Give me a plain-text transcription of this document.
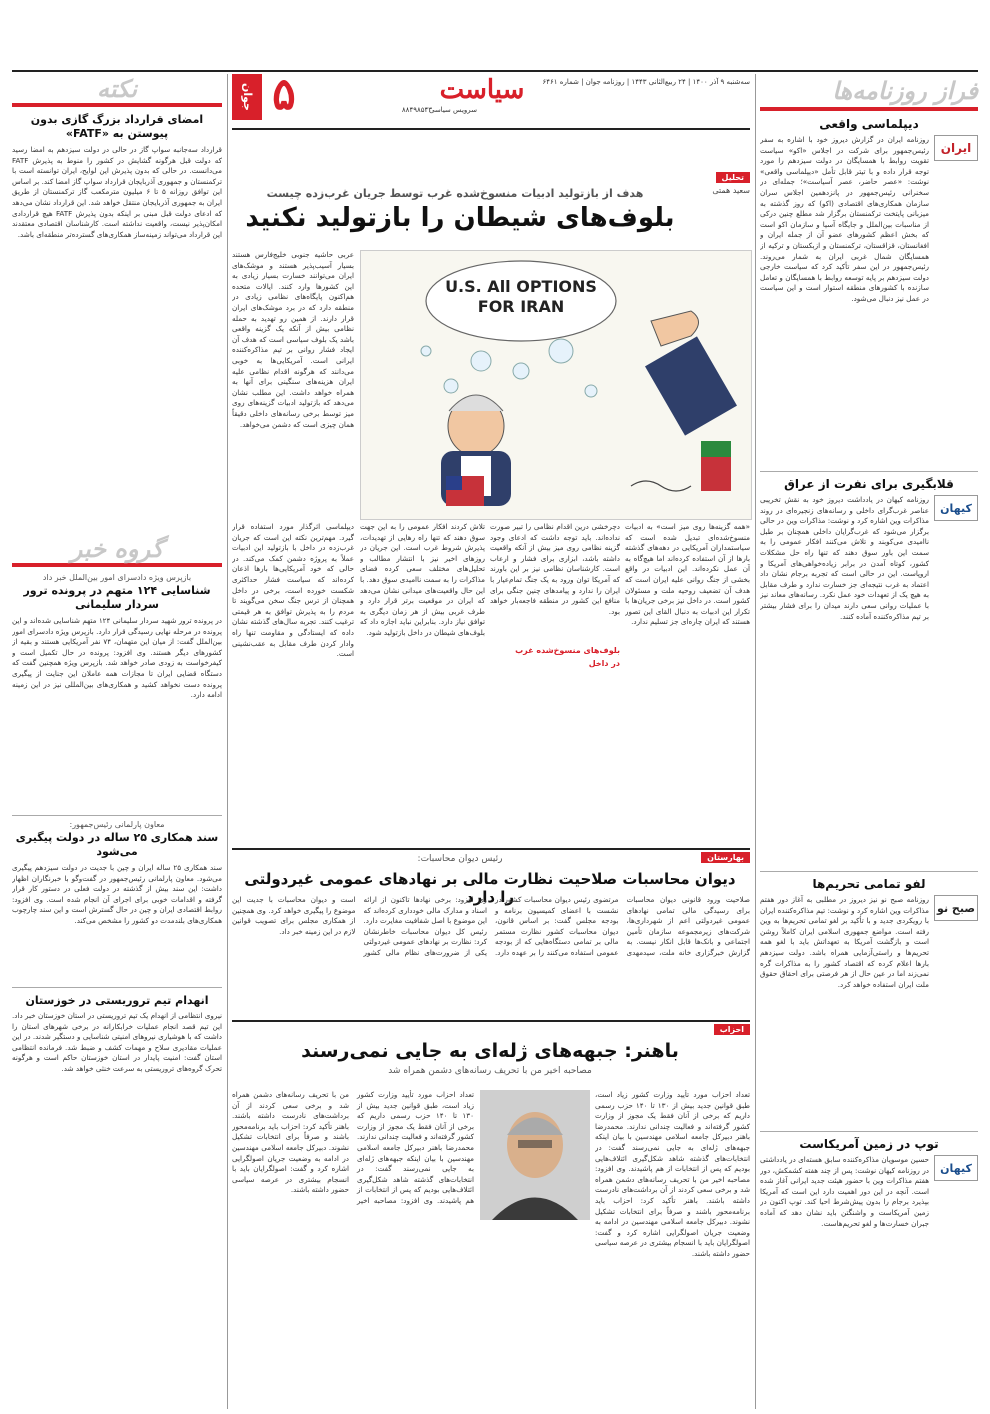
فراز روزنامه‌ها
دیپلماسی واقعی
ایران
روزنامه ایران در گزارش دیروز خود با اشاره به سفر رئیس‌جمهور برای شرکت در اجلاس «اکو» سیاست تقویت روابط با همسایگان در دولت سیزدهم را مورد توجه قرار داده و با تیتر قابل تأمل «دیپلماسی واقعی» نوشت: «عصر حاضر، عصر آسیاست»؛ جمله‌ای در سخنرانی رئیس‌جمهور در پانزدهمین اجلاس سران سازمان همکاری‌های اقتصادی (اکو) که روز گذشته به میزبانی پایتخت ترکمنستان برگزار شد مطلع چنین درکی از مناسبات بین‌الملل و جایگاه آسیا و سازمان اکو است که بخش اعظم کشورهای عضو آن از جمله ایران و افغانستان، قزاقستان، ترکمنستان و ازبکستان و ترکیه از همسایگان شمال غربی ایران به شمار می‌روند. رئیس‌جمهور در این سفر تأکید کرد که سیاست خارجی دولت سیزدهم بر پایه توسعه روابط با همسایگان و تعامل سازنده با کشورهای منطقه استوار است و این سیاست در عمل نیز دنبال می‌شود.
قلابگیری برای نفرت‌ از عراق
کیهان
روزنامه کیهان در یادداشت دیروز خود به نقش تخریبی عناصر غرب‌گرای داخلی و رسانه‌های زنجیره‌ای در روند مذاکرات وین اشاره کرد و نوشت: مذاکرات وین در حالی برگزار می‌شود که غرب‌گرایان داخلی همچنان بر طبل ناامیدی می‌کوبند و تلاش می‌کنند افکار عمومی را به سمت این باور سوق دهند که تنها راه حل مشکلات کشور، کوتاه آمدن در برابر زیاده‌خواهی‌های آمریکا و اروپاست. این در حالی است که تجربه برجام نشان داد اعتماد به غرب نتیجه‌ای جز خسارت ندارد و طرف مقابل به هیچ یک از تعهدات خود عمل نکرد. رسانه‌های معاند نیز با عملیات روانی سعی دارند میدان را برای فشار بیشتر بر تیم مذاکره‌کننده آماده کنند.
لفو تمامی تحریم‌ها
صبح نو
روزنامه صبح نو نیز دیروز در مطلبی به آغاز دور هفتم مذاکرات وین اشاره کرد و نوشت: تیم مذاکره‌کننده ایران با رویکردی جدید و با تأکید بر لغو تمامی تحریم‌ها به وین رفته است. مواضع جمهوری اسلامی ایران کاملاً روشن است و بازگشت آمریکا به تعهداتش باید با لغو همه تحریم‌ها و راستی‌آزمایی همراه باشد. دولت سیزدهم بارها اعلام کرده که اقتصاد کشور را به مذاکرات گره نمی‌زند اما در عین حال از هر فرصتی برای احقاق حقوق ملت ایران استفاده خواهد کرد.
توپ در زمین آمریکاست
کیهان
حسین موسویان مذاکره‌کننده سابق هسته‌ای در یادداشتی در روزنامه کیهان نوشت: پس از چند هفته کشمکش، دور هفتم مذاکرات وین با حضور هیئت جدید ایرانی آغاز شده است. آنچه در این دور اهمیت دارد این است که آمریکا بپذیرد برجام را بدون پیش‌شرط احیا کند. توپ اکنون در زمین آمریکاست و واشنگتن باید نشان دهد که آماده جبران خسارت‌ها و لغو تحریم‌هاست.
سه‌شنبه ۹ آذر ۱۴۰۰ | ۲۴ ربیع‌الثانی ۱۴۴۳ | روزنامه جوان | شماره ۶۴۶۱
سیاست
سرویس سیاسی
۸۸۴۹۸۵۴۳
جوان ۵
تحلیل
سعید همتی
هدف از بازتولید ادبیات منسوخ‌شده غرب توسط جریان غرب‌زده چیست
بلوف‌های شیطان را بازتولید نکنید
U.S. All OPTIONS FOR IRAN
عربی حاشیه جنوبی خلیج‌فارس هستند بسیار آسیب‌پذیر هستند و موشک‌های ایران می‌توانند خسارت بسیار زیادی به این کشورها وارد کنند. ایالات متحده هم‌اکنون پایگاه‌های نظامی زیادی در منطقه دارد که در برد موشک‌های ایران قرار دارند. از همین رو تهدید به حمله نظامی بیش از آنکه یک گزینه واقعی باشد یک بلوف سیاسی است که هدف آن ایجاد فشار روانی بر تیم مذاکره‌کننده ایرانی است. آمریکایی‌ها به خوبی می‌دانند که هرگونه اقدام نظامی علیه ایران هزینه‌های سنگینی برای آنها به همراه خواهد داشت. این مطلب نشان می‌دهد که بازتولید ادبیات گزینه‌های روی میز توسط برخی رسانه‌های داخلی دقیقاً همان چیزی است که دشمن می‌خواهد.
دیپلماسی اثرگذار مورد استفاده قرار گیرد. مهم‌ترین نکته این است که جریان غرب‌زده در داخل با بازتولید این ادبیات عملاً به پروژه دشمن کمک می‌کند. در حالی که خود آمریکایی‌ها بارها اذعان کرده‌اند که سیاست فشار حداکثری شکست خورده است، برخی در داخل همچنان از ترس جنگ سخن می‌گویند تا مردم را به پذیرش توافق به هر قیمتی ترغیب کنند. تجربه سال‌های گذشته نشان داده که ایستادگی و مقاومت تنها راه وادار کردن طرف مقابل به عقب‌نشینی است.
تلاش کردند افکار عمومی را به این جهت سوق دهند که تنها راه رهایی از تهدیدات، پذیرش شروط غرب است. این جریان در روزهای اخیر نیز با انتشار مطالب و تحلیل‌های مختلف سعی کرده فضای مذاکرات را به سمت ناامیدی سوق دهد. با این حال واقعیت‌های میدانی نشان می‌دهد که ایران در موقعیت برتر قرار دارد و طرف غربی بیش از هر زمان دیگری به توافق نیاز دارد. بنابراین نباید اجازه داد که بلوف‌های شیطان در داخل بازتولید شود.
دچرخشی درین اقدام نظامی را تبیر صورت نداده‌اند. باید توجه داشت که ادعای وجود گزینه نظامی روی میز بیش از آنکه واقعیت داشته باشد، ابزاری برای فشار و ارعاب است. کارشناسان نظامی نیز بر این باورند که آمریکا توان ورود به یک جنگ تمام‌عیار با ایران را ندارد و پیامدهای چنین جنگی برای منافع این کشور در منطقه فاجعه‌بار خواهد بود.
بلوف‌های منسوخ‌شده غرب
در داخل
«همه گزینه‌ها روی میز است» به ادبیات منسوخ‌شده‌ای تبدیل شده است که سیاستمداران آمریکایی در دهه‌های گذشته بارها از آن استفاده کرده‌اند اما هیچ‌گاه به آن عمل نکرده‌اند. این ادبیات در واقع بخشی از جنگ روانی علیه ایران است که هدف آن تضعیف روحیه ملت و مسئولان کشور است. در داخل نیز برخی جریان‌ها با تکرار این ادبیات به دنبال القای این تصور هستند که ایران چاره‌ای جز تسلیم ندارد.
بهارستان
رئیس دیوان محاسبات:
دیوان محاسبات صلاحیت نظارت مالی بر نهادهای عمومی غیردولتی را دارد	صلاحیت ورود قانونی دیوان محاسبات برای رسیدگی مالی تمامی نهادهای عمومی غیردولتی اعم از شهرداری‌ها، شرکت‌های زیرمجموعه سازمان تأمین اجتماعی و بانک‌ها قابل انکار نیست. به گزارش خبرگزاری خانه ملت، سیدمهدی مرتضوی رئیس دیوان محاسبات کشور در نشست با اعضای کمیسیون برنامه و بودجه مجلس گفت: بر اساس قانون، دیوان محاسبات کشور نظارت مستمر مالی بر تمامی دستگاه‌هایی که از بودجه عمومی استفاده می‌کنند را بر عهده دارد. وی افزود: برخی نهادها تاکنون از ارائه اسناد و مدارک مالی خودداری کرده‌اند که این موضوع با اصل شفافیت مغایرت دارد. رئیس کل دیوان محاسبات خاطرنشان کرد: نظارت بر نهادهای عمومی غیردولتی یکی از ضرورت‌های نظام مالی کشور است و دیوان محاسبات با جدیت این موضوع را پیگیری خواهد کرد. وی همچنین از همکاری مجلس برای تصویب قوانین لازم در این زمینه خبر داد.
احزاب
باهنر: جبهه‌های ژله‌ای به جایی نمی‌رسند
مصاحبه اخیر من با تحریف رسانه‌های دشمن همراه شد
تعداد احزاب مورد تأیید وزارت کشور زیاد است، طبق قوانین جدید بیش از ۱۳۰ تا ۱۴۰ حزب رسمی داریم که برخی از آنان فقط یک مجوز از وزارت کشور گرفته‌اند و فعالیت چندانی ندارند. محمدرضا باهنر دبیرکل جامعه اسلامی مهندسین با بیان اینکه جبهه‌های ژله‌ای به جایی نمی‌رسند گفت: در انتخابات‌های گذشته شاهد شکل‌گیری ائتلاف‌هایی بودیم که پس از انتخابات از هم پاشیدند. وی افزود: مصاحبه اخیر من با تحریف رسانه‌های دشمن همراه شد و برخی سعی کردند از آن برداشت‌های نادرست داشته باشند. باهنر تأکید کرد: احزاب باید برنامه‌محور باشند و صرفاً برای انتخابات تشکیل نشوند. دبیرکل جامعه اسلامی مهندسین در ادامه به وضعیت جریان اصولگرایی اشاره کرد و گفت: اصولگرایان باید با انسجام بیشتری در عرصه سیاسی حضور داشته باشند.
تعداد احزاب مورد تأیید وزارت کشور زیاد است، طبق قوانین جدید بیش از ۱۳۰ تا ۱۴۰ حزب رسمی داریم که برخی از آنان فقط یک مجوز از وزارت کشور گرفته‌اند و فعالیت چندانی ندارند. محمدرضا باهنر دبیرکل جامعه اسلامی مهندسین با بیان اینکه جبهه‌های ژله‌ای به جایی نمی‌رسند گفت: در انتخابات‌های گذشته شاهد شکل‌گیری ائتلاف‌هایی بودیم که پس از انتخابات از هم پاشیدند. وی افزود: مصاحبه اخیر من با تحریف رسانه‌های دشمن همراه شد و برخی سعی کردند از آن برداشت‌های نادرست داشته باشند. باهنر تأکید کرد: احزاب باید برنامه‌محور باشند و صرفاً برای انتخابات تشکیل نشوند. دبیرکل جامعه اسلامی مهندسین در ادامه به وضعیت جریان اصولگرایی اشاره کرد و گفت: اصولگرایان باید با انسجام بیشتری در عرصه سیاسی حضور داشته باشند.
نکته
امضای قرارداد بزرگ گازی بدون پیوستن به «FATF»
قرارداد سه‌جانبه سواپ گاز در حالی در دولت سیزدهم به امضا رسید که دولت قبل هرگونه گشایش در کشور را منوط به پذیرش FATF می‌دانست. در حالی که بدون پذیرش این لوایح، ایران توانسته است با ترکمنستان و جمهوری آذربایجان قرارداد سواپ گاز امضا کند. بر اساس این توافق روزانه ۵ تا ۶ میلیون مترمکعب گاز ترکمنستان از طریق ایران به جمهوری آذربایجان منتقل خواهد شد. این قرارداد نشان می‌دهد که ادعای دولت قبل مبنی بر اینکه بدون پذیرش FATF هیچ قراردادی امکان‌پذیر نیست، واقعیت نداشته است. کارشناسان اقتصادی معتقدند این قرارداد می‌تواند زمینه‌ساز همکاری‌های گسترده‌تر منطقه‌ای باشد.
گروه خبر
بازپرس ویژه دادسرای امور بین‌الملل خبر داد
شناسایی ۱۲۴ متهم در پرونده ترور سردار سلیمانی
در پرونده ترور شهید سردار سلیمانی ۱۲۴ متهم شناسایی شده‌اند و این پرونده در مرحله نهایی رسیدگی قرار دارد. بازپرس ویژه دادسرای امور بین‌الملل گفت: از میان این متهمان، ۷۴ نفر آمریکایی هستند و بقیه از کشورهای دیگر هستند. وی افزود: پرونده در حال تکمیل است و کیفرخواست به زودی صادر خواهد شد. بازپرس ویژه همچنین گفت که دستگاه قضایی ایران تا مجازات همه عاملان این جنایت از پیگیری پرونده دست نخواهد کشید و همکاری‌های بین‌المللی نیز در این زمینه ادامه دارد.
معاون پارلمانی رئیس‌جمهور:
سند همکاری ۲۵ ساله در دولت پیگیری می‌شود
سند همکاری ۲۵ ساله ایران و چین با جدیت در دولت سیزدهم پیگیری می‌شود. معاون پارلمانی رئیس‌جمهور در گفت‌وگو با خبرنگاران اظهار داشت: این سند بیش از گذشته در دولت فعلی در دستور کار قرار گرفته و اقدامات خوبی برای اجرای آن انجام شده است. وی افزود: روابط اقتصادی ایران و چین در حال گسترش است و این سند چارچوب همکاری‌های بلندمدت دو کشور را مشخص می‌کند.
انهدام تیم تروریستی در خوزستان
نیروی انتظامی از انهدام یک تیم تروریستی در استان خوزستان خبر داد. این تیم قصد انجام عملیات خرابکارانه در برخی شهرهای استان را داشت که با هوشیاری نیروهای امنیتی شناسایی و دستگیر شدند. در این عملیات مقادیری سلاح و مهمات کشف و ضبط شد. فرمانده انتظامی استان گفت: امنیت پایدار در استان خوزستان حاکم است و هرگونه تحرک گروه‌های تروریستی به سرعت خنثی خواهد شد.
